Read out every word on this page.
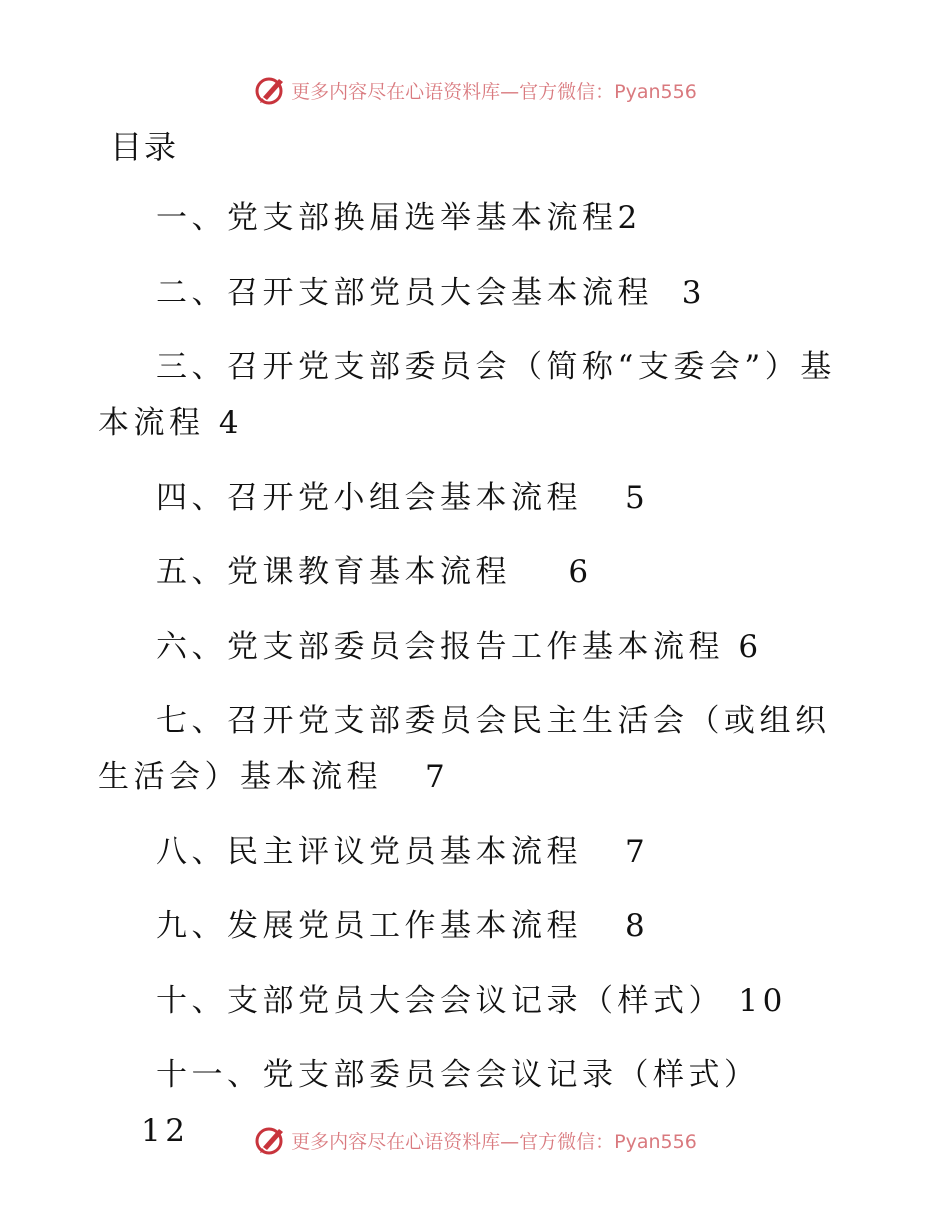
更多内容尽在心语资料库—官方微信：Pyan556
目录
一、党支部换届选举基本流程2
二、召开支部党员大会基本流程  3
三、召开党支部委员会（简称“支委会”）基本流程 4
四、召开党小组会基本流程   5
五、党课教育基本流程    6
六、党支部委员会报告工作基本流程 6
七、召开党支部委员会民主生活会（或组织生活会）基本流程   7
八、民主评议党员基本流程   7
九、发展党员工作基本流程   8
十、支部党员大会会议记录（样式） 10
十一、党支部委员会会议记录（样式）   12	更多内容尽在心语资料库—官方微信：Pyan556
